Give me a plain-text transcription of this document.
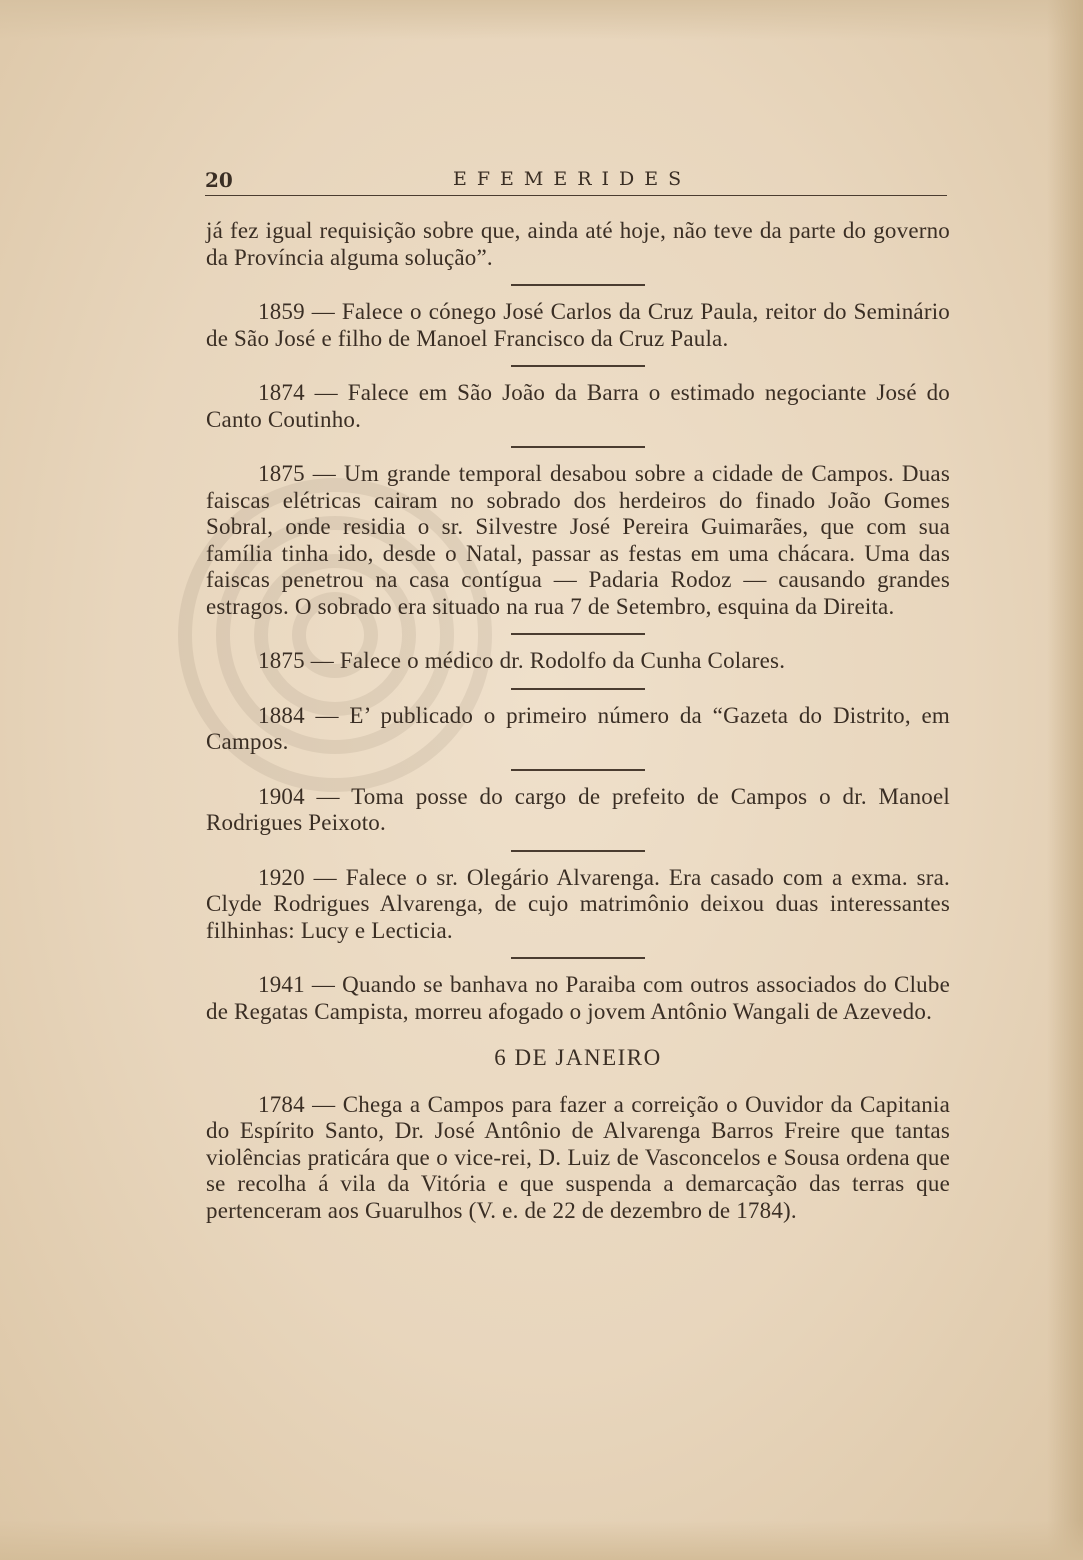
20	EFEMERIDES

já fez igual requisição sobre que, ainda até hoje, não teve da parte do governo da Província alguma solução”.

1859 — Falece o cónego José Carlos da Cruz Paula, reitor do Seminário de São José e filho de Manoel Francisco da Cruz Paula.

1874 — Falece em São João da Barra o estimado negociante José do Canto Coutinho.

1875 — Um grande temporal desabou sobre a cidade de Campos. Duas faiscas elétricas cairam no sobrado dos herdeiros do finado João Gomes Sobral, onde residia o sr. Silvestre José Pereira Guimarães, que com sua família tinha ido, desde o Natal, passar as festas em uma chácara. Uma das faiscas penetrou na casa contígua — Padaria Rodoz — causando grandes estragos. O sobrado era situado na rua 7 de Setembro, esquina da Direita.

1875 — Falece o médico dr. Rodolfo da Cunha Colares.

1884 — E’ publicado o primeiro número da “Gazeta do Distrito, em Campos.

1904 — Toma posse do cargo de prefeito de Campos o dr. Manoel Rodrigues Peixoto.

1920 — Falece o sr. Olegário Alvarenga. Era casado com a exma. sra. Clyde Rodrigues Alvarenga, de cujo matrimônio deixou duas interessantes filhinhas: Lucy e Lecticia.

1941 — Quando se banhava no Paraiba com outros associados do Clube de Regatas Campista, morreu afogado o jovem Antônio Wangali de Azevedo.

6 DE JANEIRO

1784 — Chega a Campos para fazer a correição o Ouvidor da Capitania do Espírito Santo, Dr. José Antônio de Alvarenga Barros Freire que tantas violências praticára que o vice-rei, D. Luiz de Vasconcelos e Sousa ordena que se recolha á vila da Vitória e que suspenda a demarcação das terras que pertenceram aos Guarulhos (V. e. de 22 de dezembro de 1784).
